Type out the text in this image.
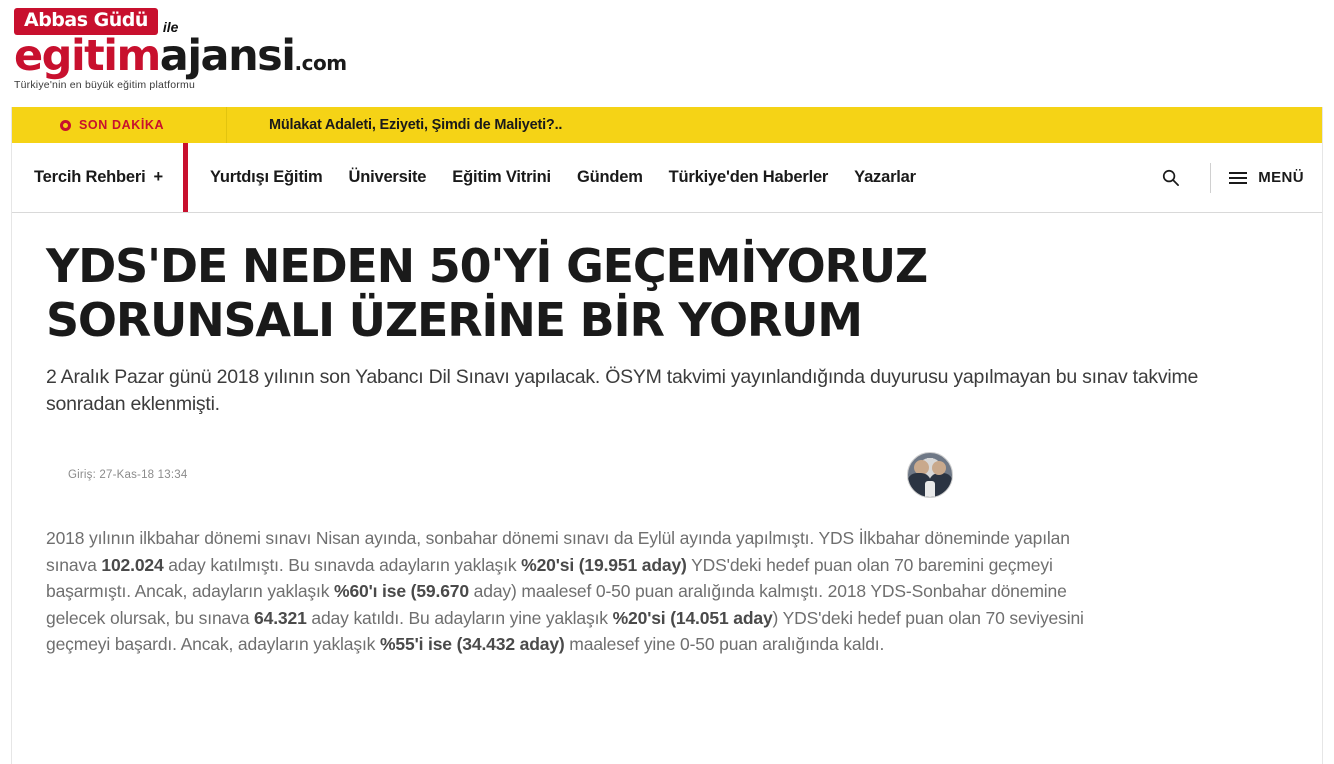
Abbas Güdü ile
egitimajansi.com
Türkiye'nin en büyük eğitim platformu
SON DAKİKA	Mülakat Adaleti, Eziyeti, Şimdi de Maliyeti?..
Tercih Rehberi +	Yurtdışı Eğitim Üniversite Eğitim Vitrini Gündem Türkiye'den Haberler Yazarlar	MENÜ
YDS'DE NEDEN 50'Yİ GEÇEMİYORUZ SORUNSALI ÜZERİNE BİR YORUM

2 Aralık Pazar günü 2018 yılının son Yabancı Dil Sınavı yapılacak. ÖSYM takvimi yayınlandığında duyurusu yapılmayan bu sınav takvime sonradan eklenmişti.

Giriş: 27-Kas-18 13:34
2018 yılının ilkbahar dönemi sınavı Nisan ayında, sonbahar dönemi sınavı da Eylül ayında yapılmıştı. YDS İlkbahar döneminde yapılan sınava 102.024 aday katılmıştı. Bu sınavda adayların yaklaşık %20'si (19.951 aday) YDS'deki hedef puan olan 70 baremini geçmeyi başarmıştı. Ancak, adayların yaklaşık %60'ı ise (59.670 aday) maalesef 0-50 puan aralığında kalmıştı. 2018 YDS-Sonbahar dönemine gelecek olursak, bu sınava 64.321 aday katıldı. Bu adayların yine yaklaşık %20'si (14.051 aday) YDS'deki hedef puan olan 70 seviyesini geçmeyi başardı. Ancak, adayların yaklaşık %55'i ise (34.432 aday) maalesef yine 0-50 puan aralığında kaldı.
